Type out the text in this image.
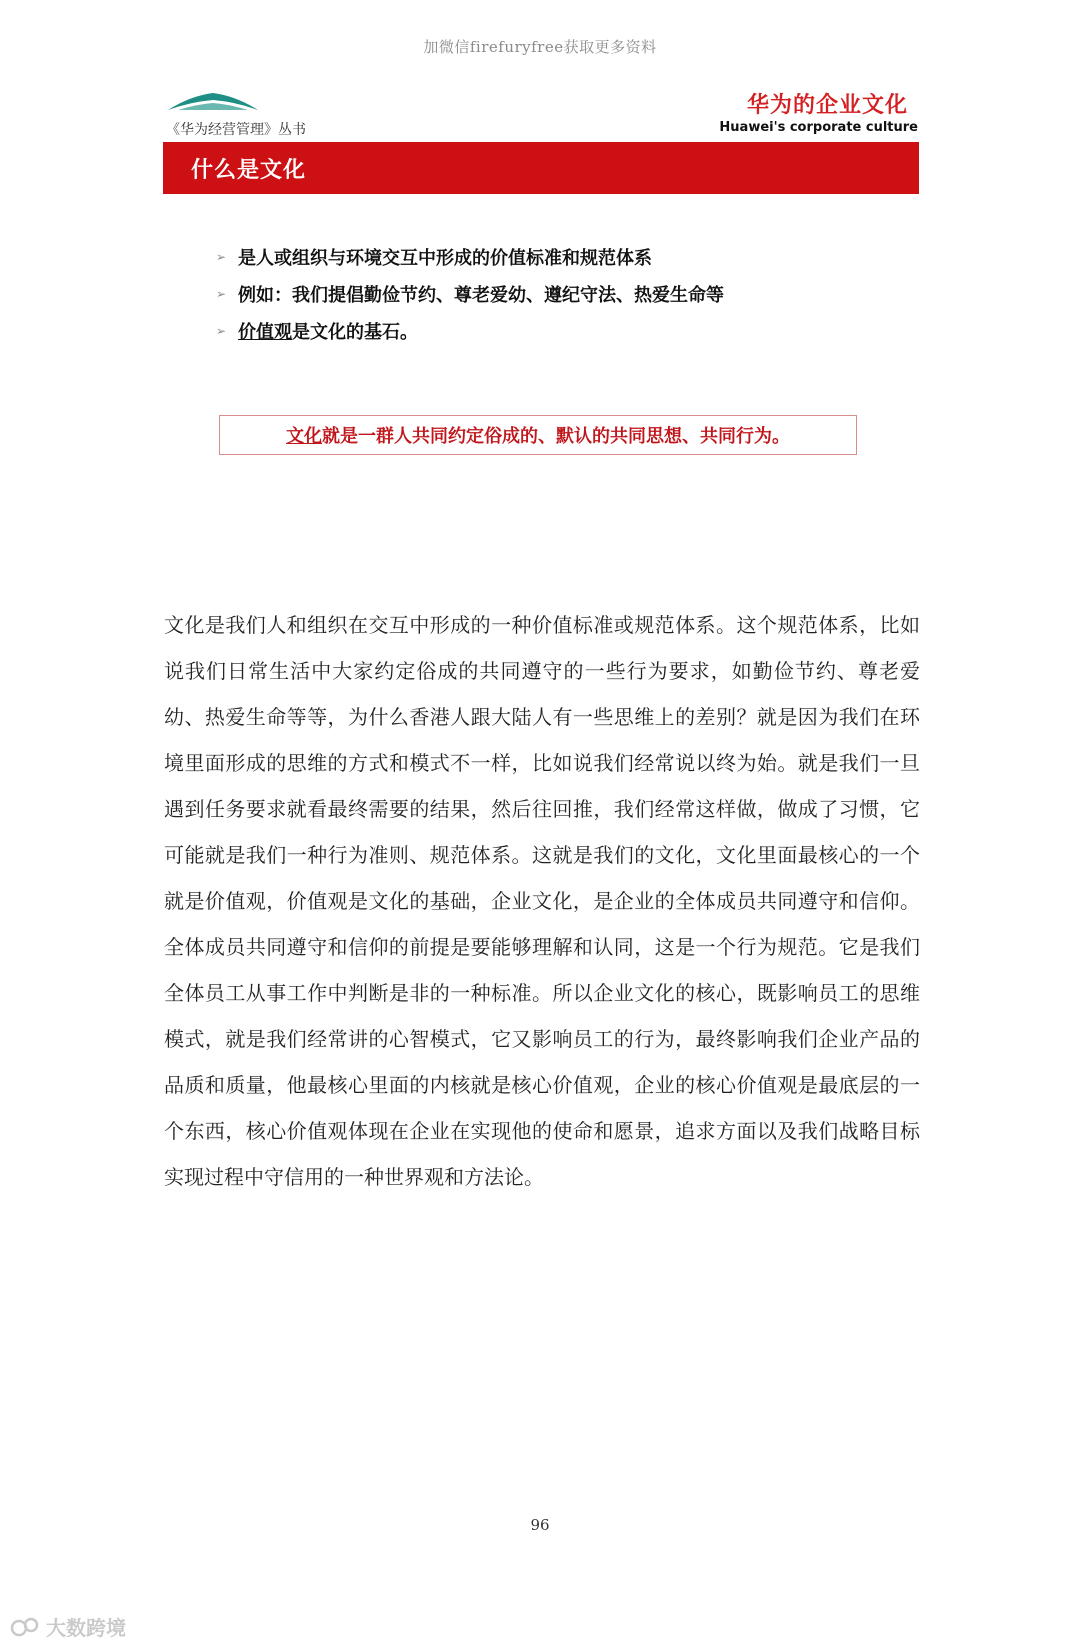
加微信firefuryfree获取更多资料
《华为经营管理》丛书
华为的企业文化
Huawei's corporate culture
什么是文化
➢ 是人或组织与环境交互中形成的价值标准和规范体系
➢ 例如：我们提倡勤俭节约、尊老爱幼、遵纪守法、热爱生命等
➢ 价值观 是文化的基石。
文化 就是一群人共同约定俗成的、默认的共同思想、共同行为。

文化是我们人和组织在交互中形成的一种价值标准或规范体系。这个规范体系，比如说我们日常生活中大家约定俗成的共同遵守的一些行为要求，如勤俭节约、尊老爱幼、热爱生命等等，为什么香港人跟大陆人有一些思维上的差别？就是因为我们在环境里面形成的思维的方式和模式不一样，比如说我们经常说以终为始。就是我们一旦遇到任务要求就看最终需要的结果，然后往回推，我们经常这样做，做成了习惯，它可能就是我们一种行为准则、规范体系。这就是我们的文化，文化里面最核心的一个就是价值观，价值观是文化的基础，企业文化，是企业的全体成员共同遵守和信仰。全体成员共同遵守和信仰的前提是要能够理解和认同，这是一个行为规范。它是我们全体员工从事工作中判断是非的一种标准。所以企业文化的核心，既影响员工的思维模式，就是我们经常讲的心智模式，它又影响员工的行为，最终影响我们企业产品的品质和质量，他最核心里面的内核就是核心价值观，企业的核心价值观是最底层的一个东西，核心价值观体现在企业在实现他的使命和愿景，追求方面以及我们战略目标实现过程中守信用的一种世界观和方法论。

96
大数跨境
